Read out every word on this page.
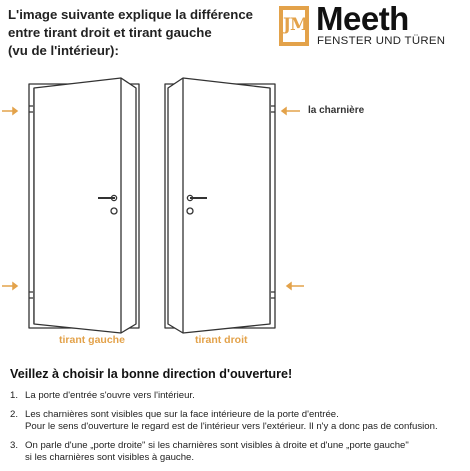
L'image suivante explique la différence
entre tirant droit et tirant gauche
(vu de l'intérieur):
JM Meeth
FENSTER UND TÜREN
la charnière
tirant gauche	tirant droit
Veillez à choisir la bonne direction d'ouverture!
1. La porte d'entrée s'ouvre vers l'intérieur.
2. Les charnières sont visibles que sur la face intérieure de la porte d'entrée.
Pour le sens d'ouverture le regard est de l'intérieur vers l'extérieur. Il n'y a donc pas de confusion.
3. On parle d'une „porte droite" si les charnières sont visibles à droite et d'une „porte gauche"
si les charnières sont visibles à gauche.
